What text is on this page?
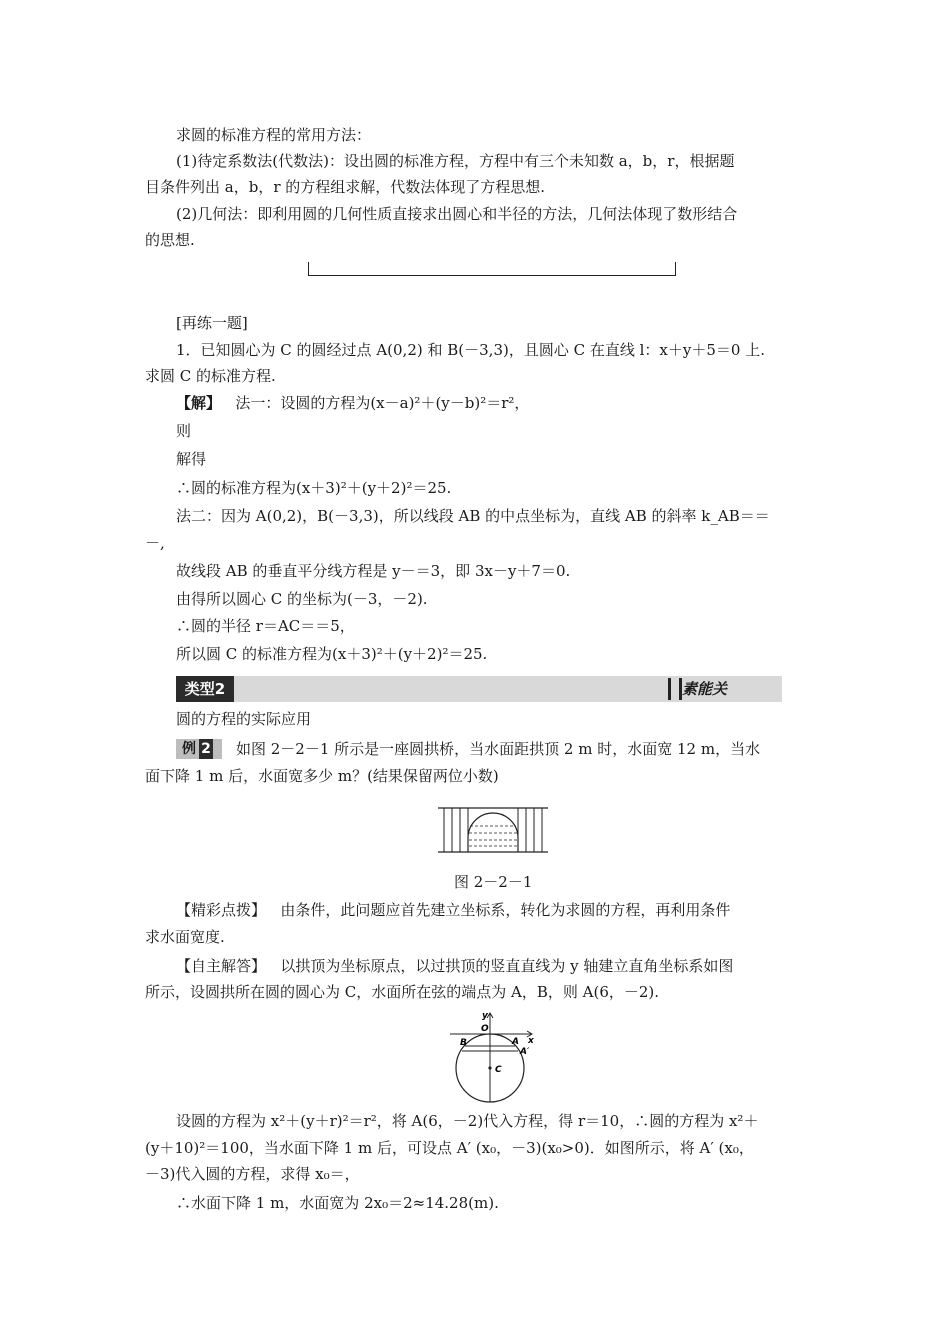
求圆的标准方程的常用方法：
(1)待定系数法(代数法)：设出圆的标准方程，方程中有三个未知数 a，b，r，根据题
目条件列出 a，b，r 的方程组求解，代数法体现了方程思想.
(2)几何法：即利用圆的几何性质直接求出圆心和半径的方法，几何法体现了数形结合
的思想.
[再练一题]
1．已知圆心为 C 的圆经过点 A(0,2) 和 B(－3,3)，且圆心 C 在直线 l：x＋y＋5＝0 上.
求圆 C 的标准方程.
【解】 法一：设圆的方程为(x－a)²＋(y－b)²＝r²，
则
解得
∴圆的标准方程为(x＋3)²＋(y＋2)²＝25.
法二：因为 A(0,2)，B(－3,3)，所以线段 AB 的中点坐标为，直线 AB 的斜率 k_AB＝＝
－,
故线段 AB 的垂直平分线方程是 y－＝3，即 3x－y＋7＝0.
由得所以圆心 C 的坐标为(－3，－2).
∴圆的半径 r＝AC＝＝5，
所以圆 C 的标准方程为(x＋3)²＋(y＋2)²＝25.
类型2	素能关
圆的方程的实际应用
例 2	如图 2－2－1 所示是一座圆拱桥，当水面距拱顶 2 m 时，水面宽 12 m，当水
面下降 1 m 后，水面宽多少 m？(结果保留两位小数)
图 2－2－1
【精彩点拨】 由条件，此问题应首先建立坐标系，转化为求圆的方程，再利用条件
求水面宽度.
【自主解答】 以拱顶为坐标原点，以过拱顶的竖直直线为 y 轴建立直角坐标系如图
所示，设圆拱所在圆的圆心为 C，水面所在弦的端点为 A，B，则 A(6，－2).
y
O
x
A
A′
B
C
设圆的方程为 x²＋(y＋r)²＝r²，将 A(6，－2)代入方程，得 r＝10，∴圆的方程为 x²＋
(y＋10)²＝100，当水面下降 1 m 后，可设点 A′ (x₀，－3)(x₀>0)．如图所示，将 A′ (x₀，
－3)代入圆的方程，求得 x₀＝，
∴水面下降 1 m，水面宽为 2x₀＝2≈14.28(m).
